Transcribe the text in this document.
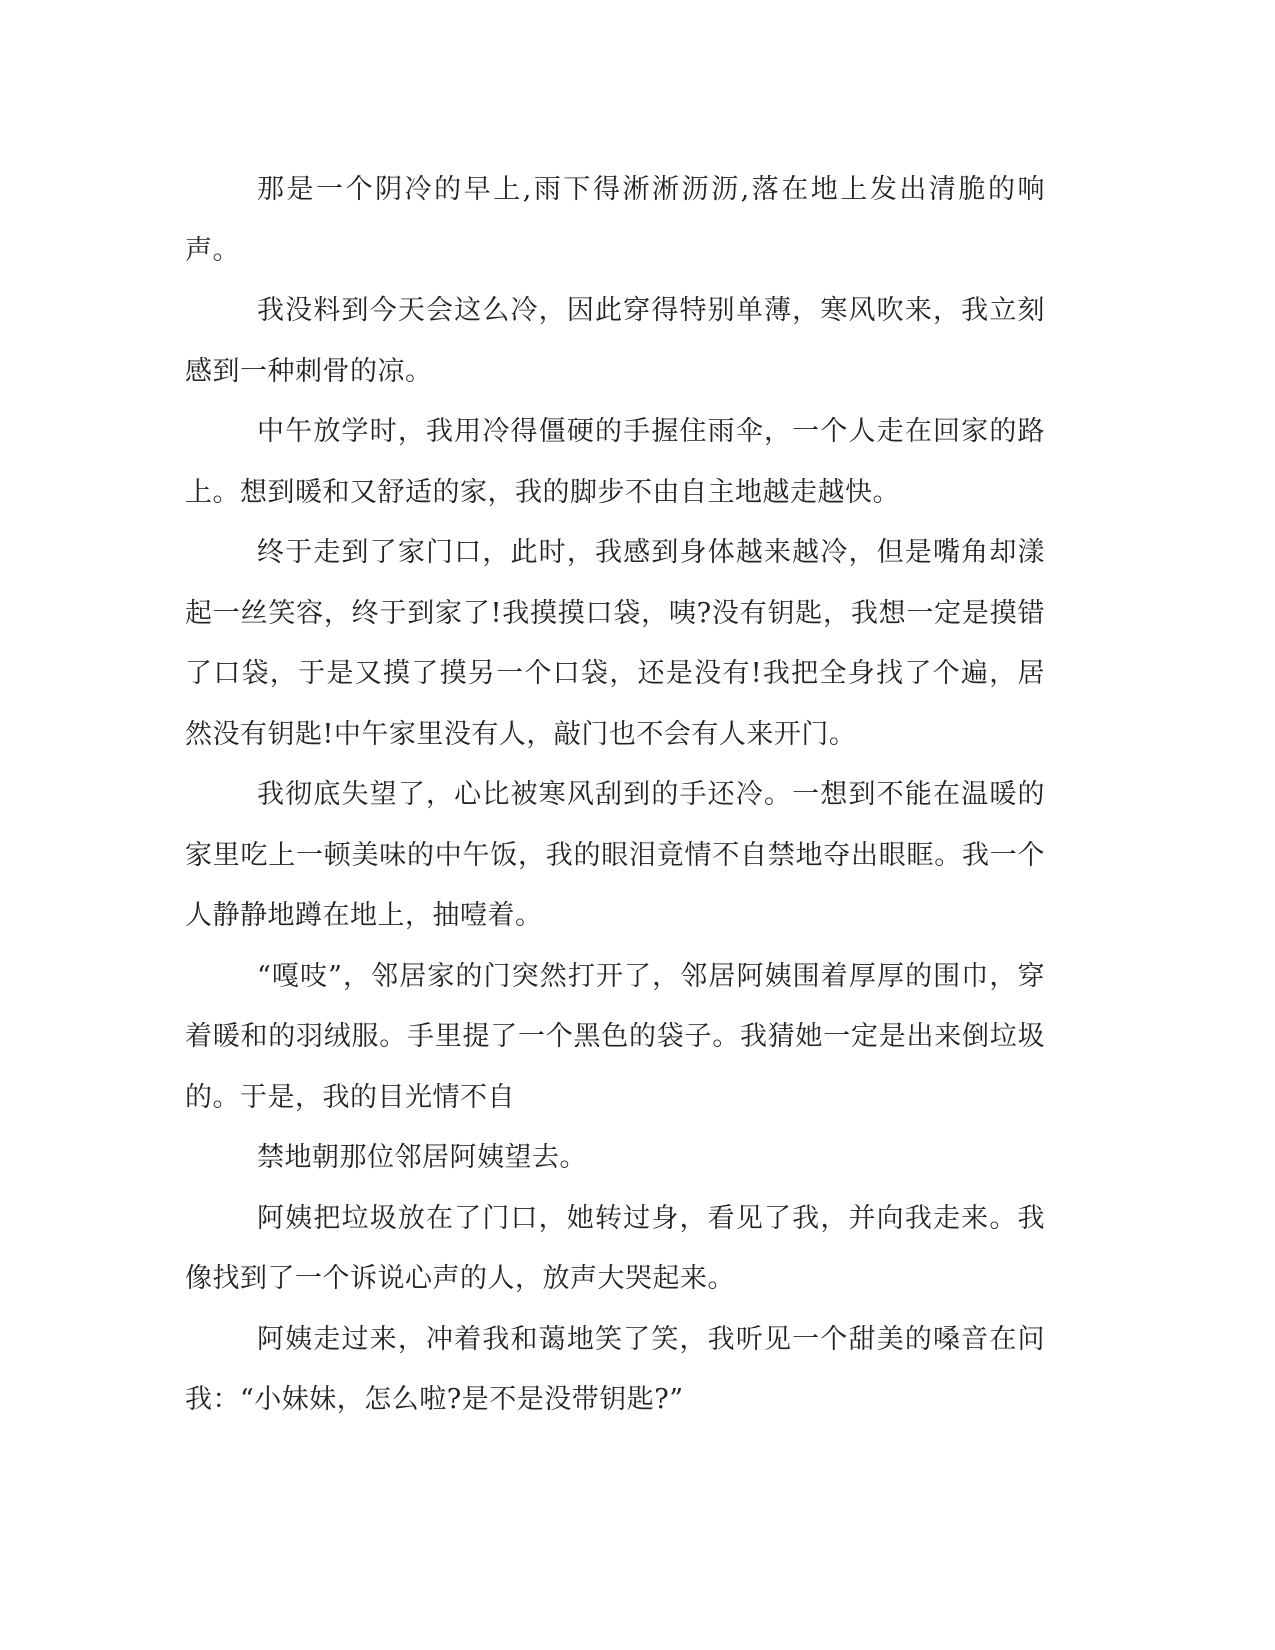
那是一个阴冷的早上,雨下得淅淅沥沥,落在地上发出清脆的响声。

我没料到今天会这么冷，因此穿得特别单薄，寒风吹来，我立刻感到一种刺骨的凉。

中午放学时，我用冷得僵硬的手握住雨伞，一个人走在回家的路上。想到暖和又舒适的家，我的脚步不由自主地越走越快。

终于走到了家门口，此时，我感到身体越来越冷，但是嘴角却漾起一丝笑容，终于到家了!我摸摸口袋，咦?没有钥匙，我想一定是摸错了口袋，于是又摸了摸另一个口袋，还是没有!我把全身找了个遍，居然没有钥匙!中午家里没有人，敲门也不会有人来开门。

我彻底失望了，心比被寒风刮到的手还冷。一想到不能在温暖的家里吃上一顿美味的中午饭，我的眼泪竟情不自禁地夺出眼眶。我一个人静静地蹲在地上，抽噎着。

“嘎吱”，邻居家的门突然打开了，邻居阿姨围着厚厚的围巾，穿着暖和的羽绒服。手里提了一个黑色的袋子。我猜她一定是出来倒垃圾的。于是，我的目光情不自

禁地朝那位邻居阿姨望去。

阿姨把垃圾放在了门口，她转过身，看见了我，并向我走来。我像找到了一个诉说心声的人，放声大哭起来。

阿姨走过来，冲着我和蔼地笑了笑，我听见一个甜美的嗓音在问我：“小妹妹，怎么啦?是不是没带钥匙?”
